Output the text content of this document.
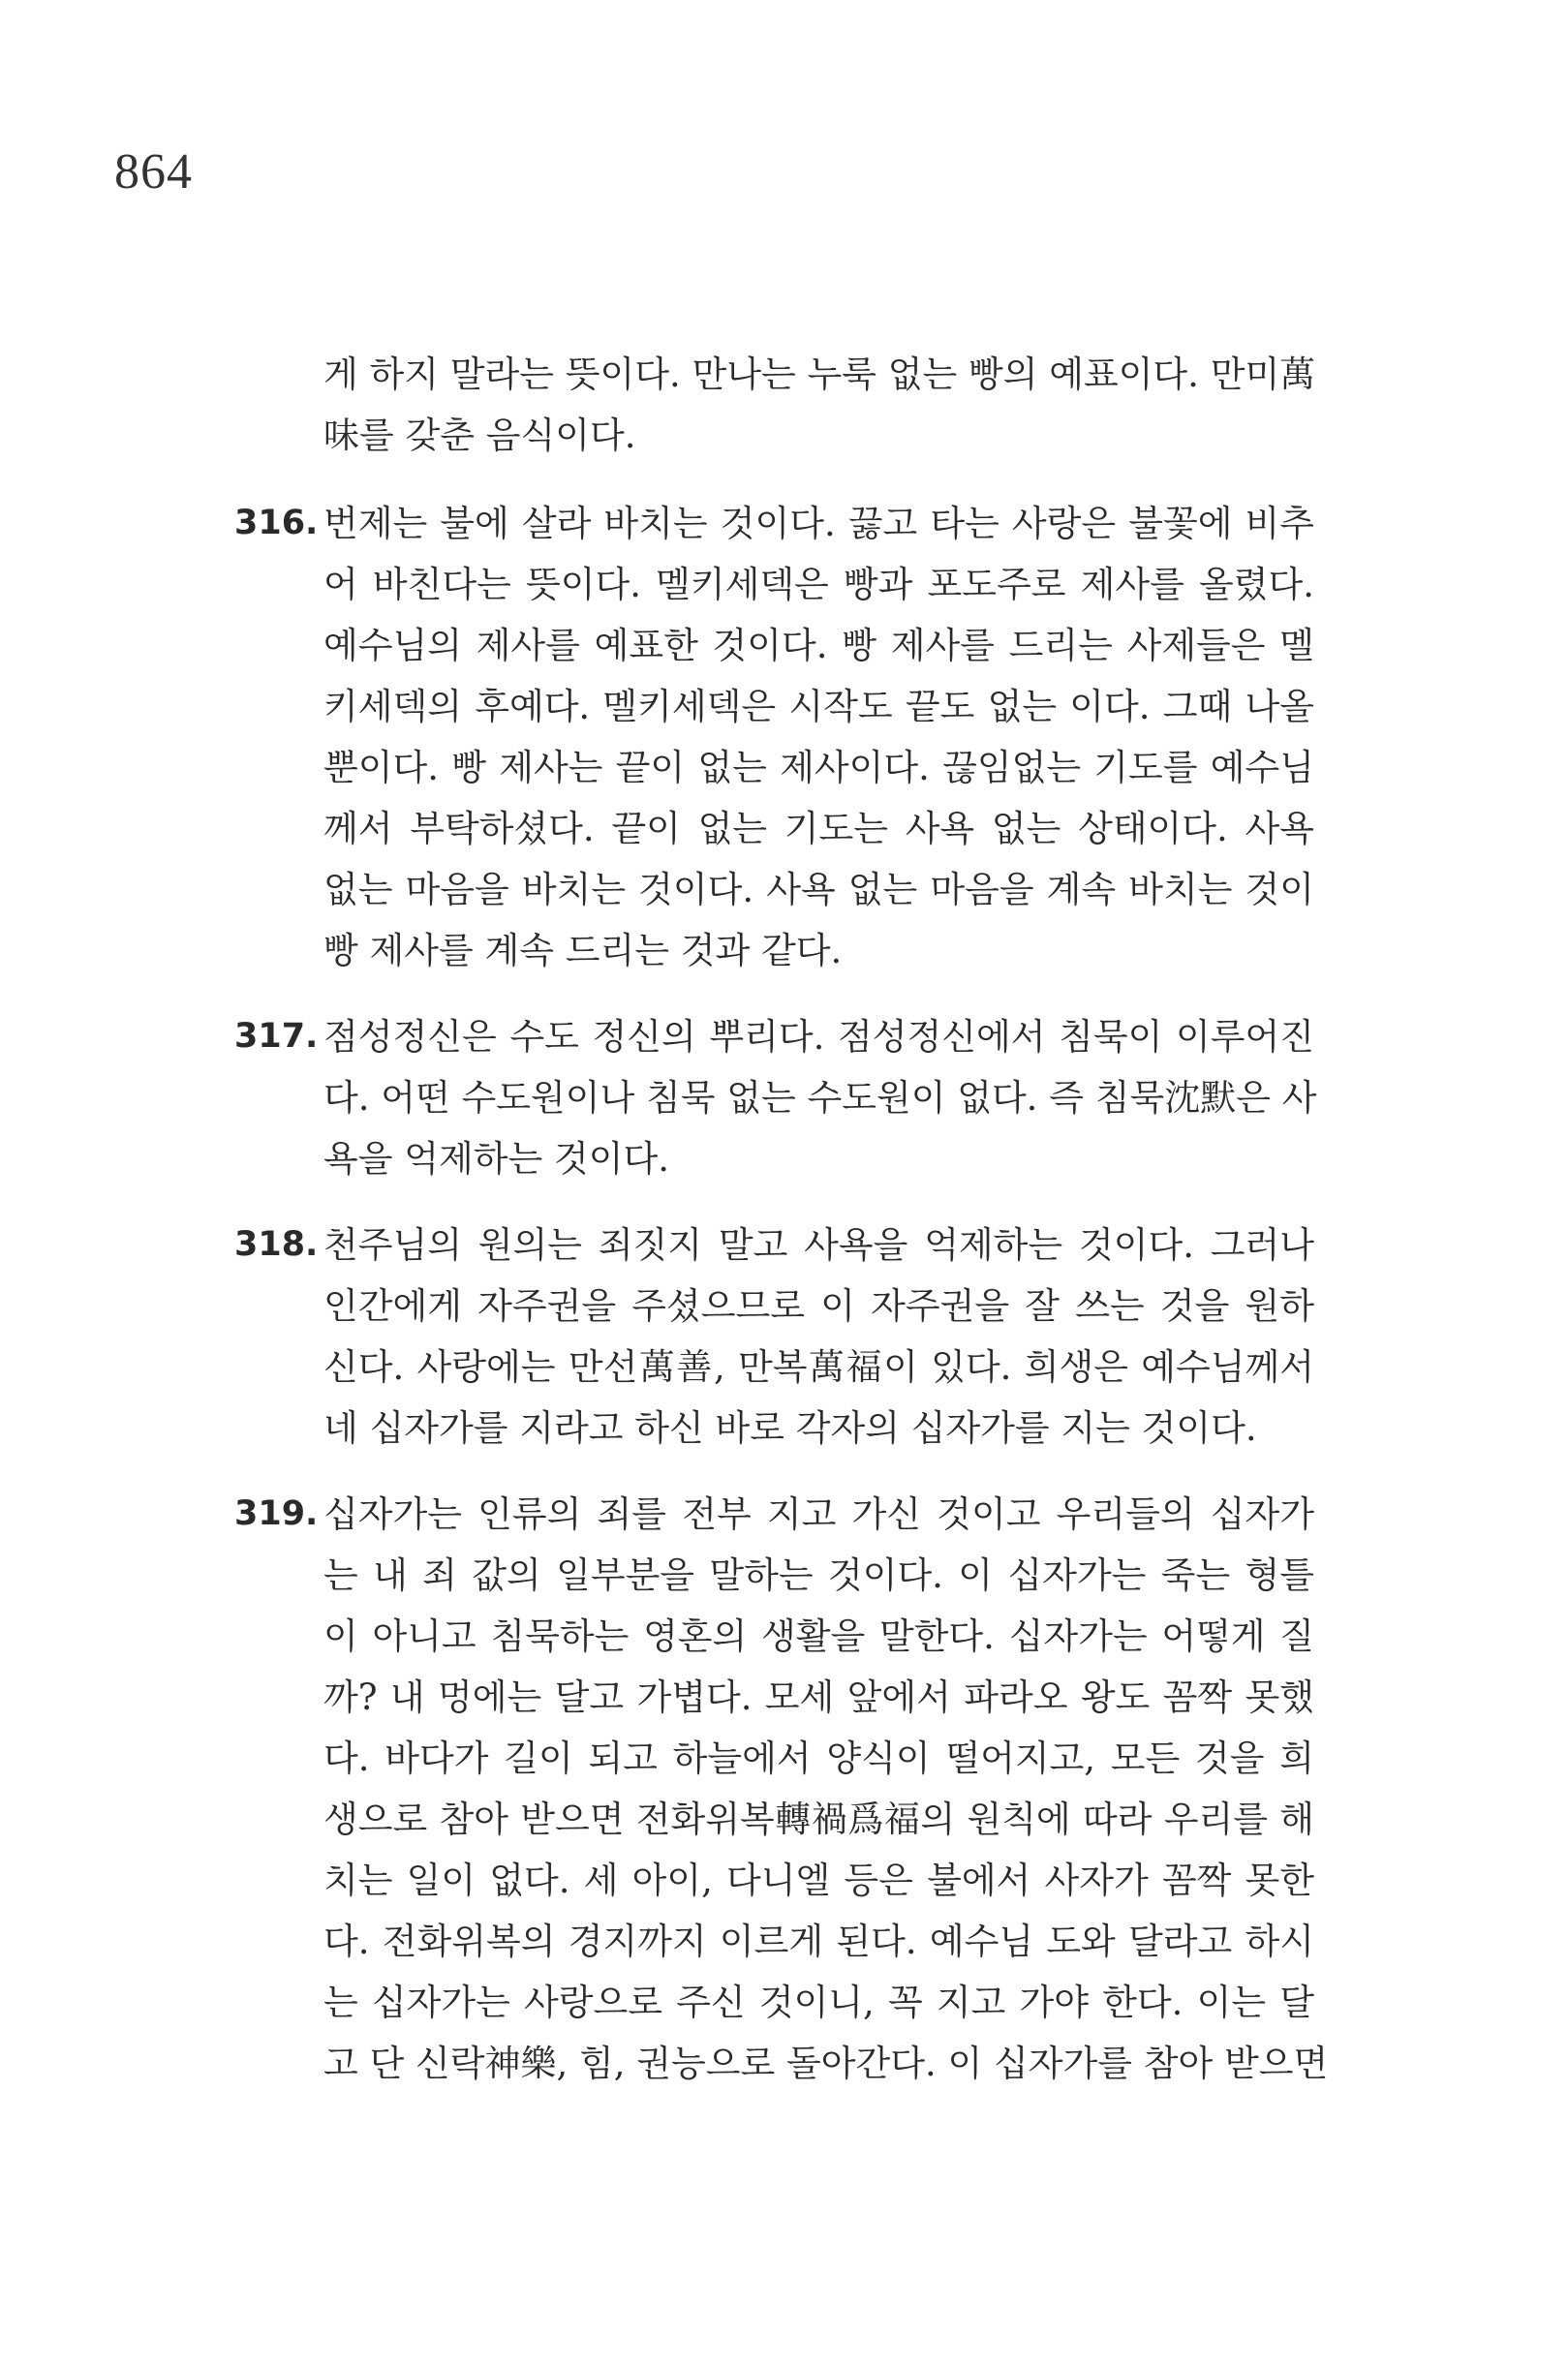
864
게 하지 말라는 뜻이다. 만나는 누룩 없는 빵의 예표이다. 만미萬
味를 갖춘 음식이다.
316. 번제는 불에 살라 바치는 것이다. 끓고 타는 사랑은 불꽃에 비추
어 바친다는 뜻이다. 멜키세덱은 빵과 포도주로 제사를 올렸다.
예수님의 제사를 예표한 것이다. 빵 제사를 드리는 사제들은 멜
키세덱의 후예다. 멜키세덱은 시작도 끝도 없는 이다. 그때 나올
뿐이다. 빵 제사는 끝이 없는 제사이다. 끊임없는 기도를 예수님
께서 부탁하셨다. 끝이 없는 기도는 사욕 없는 상태이다. 사욕
없는 마음을 바치는 것이다. 사욕 없는 마음을 계속 바치는 것이
빵 제사를 계속 드리는 것과 같다.
317. 점성정신은 수도 정신의 뿌리다. 점성정신에서 침묵이 이루어진
다. 어떤 수도원이나 침묵 없는 수도원이 없다. 즉 침묵沈默은 사
욕을 억제하는 것이다.
318. 천주님의 원의는 죄짓지 말고 사욕을 억제하는 것이다. 그러나
인간에게 자주권을 주셨으므로 이 자주권을 잘 쓰는 것을 원하
신다. 사랑에는 만선萬善, 만복萬福이 있다. 희생은 예수님께서
네 십자가를 지라고 하신 바로 각자의 십자가를 지는 것이다.
319. 십자가는 인류의 죄를 전부 지고 가신 것이고 우리들의 십자가
는 내 죄 값의 일부분을 말하는 것이다. 이 십자가는 죽는 형틀
이 아니고 침묵하는 영혼의 생활을 말한다. 십자가는 어떻게 질
까? 내 멍에는 달고 가볍다. 모세 앞에서 파라오 왕도 꼼짝 못했
다. 바다가 길이 되고 하늘에서 양식이 떨어지고, 모든 것을 희
생으로 참아 받으면 전화위복轉禍爲福의 원칙에 따라 우리를 해
치는 일이 없다. 세 아이, 다니엘 등은 불에서 사자가 꼼짝 못한
다. 전화위복의 경지까지 이르게 된다. 예수님 도와 달라고 하시
는 십자가는 사랑으로 주신 것이니, 꼭 지고 가야 한다. 이는 달
고 단 신락神樂, 힘, 권능으로 돌아간다. 이 십자가를 참아 받으면
